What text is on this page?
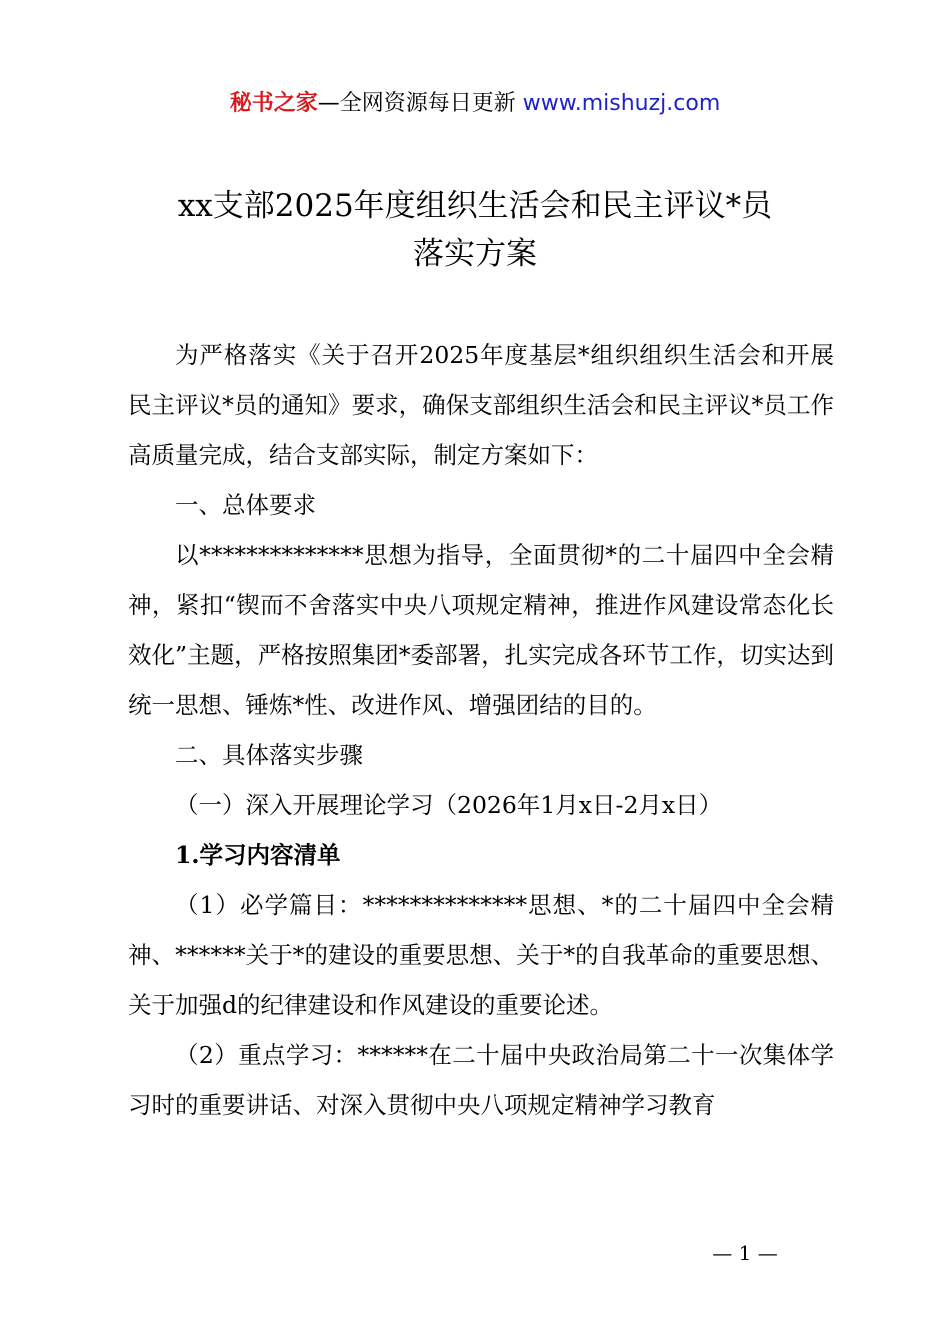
秘书之家—全网资源每日更新 www.mishuzj.com
xx支部2025年度组织生活会和民主评议*员
落实方案

为严格落实《关于召开2025年度基层*组织组织生活会和开展民主评议*员的通知》要求，确保支部组织生活会和民主评议*员工作高质量完成，结合支部实际，制定方案如下：

一、总体要求

以**************思想为指导，全面贯彻*的二十届四中全会精神，紧扣“锲而不舍落实中央八项规定精神，推进作风建设常态化长效化”主题，严格按照集团*委部署，扎实完成各环节工作，切实达到统一思想、锤炼*性、改进作风、增强团结的目的。

二、具体落实步骤

（一）深入开展理论学习（2026年1月x日-2月x日）

1.学习内容清单

（1）必学篇目：**************思想、*的二十届四中全会精神、******关于*的建设的重要思想、关于*的自我革命的重要思想、关于加强d的纪律建设和作风建设的重要论述。

（2）重点学习：******在二十届中央政治局第二十一次集体学习时的重要讲话、对深入贯彻中央八项规定精神学习教育

— 1 —
